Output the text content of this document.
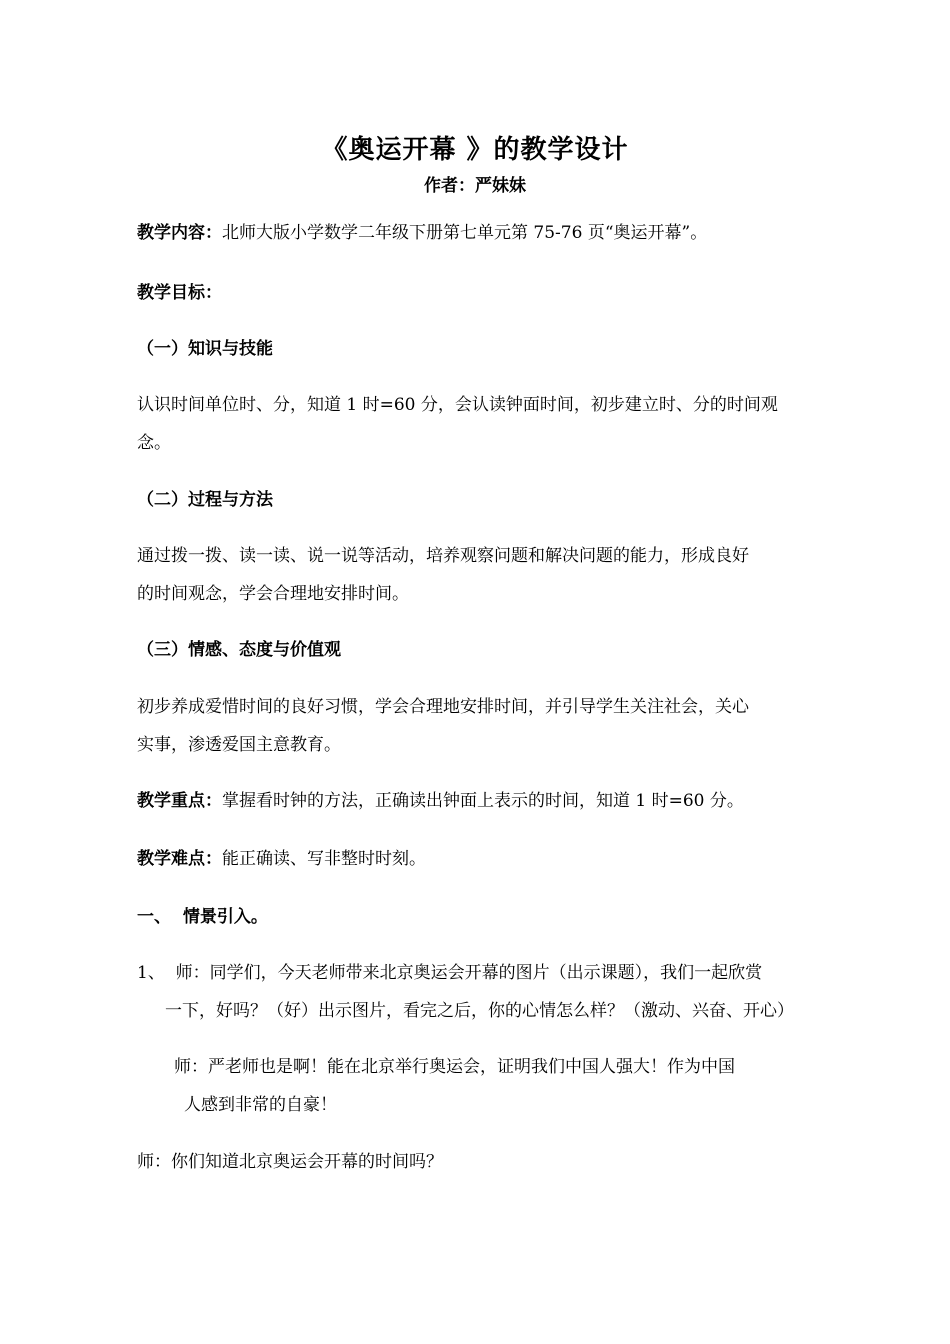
《奥运开幕 》的教学设计
作者：严妹妹
教学内容：北师大版小学数学二年级下册第七单元第 75-76 页“奥运开幕”。
教学目标：
（一）知识与技能
认识时间单位时、分，知道 1 时=60 分，会认读钟面时间，初步建立时、分的时间观
念。
（二）过程与方法
通过拨一拨、读一读、说一说等活动，培养观察问题和解决问题的能力，形成良好
的时间观念，学会合理地安排时间。
（三）情感、态度与价值观
初步养成爱惜时间的良好习惯，学会合理地安排时间，并引导学生关注社会，关心
实事，渗透爱国主意教育。
教学重点：掌握看时钟的方法，正确读出钟面上表示的时间，知道 1 时=60 分。
教学难点：能正确读、写非整时时刻。
一、  情景引入。
1、  师：同学们，今天老师带来北京奥运会开幕的图片（出示课题），我们一起欣赏
一下，好吗？（好）出示图片，看完之后，你的心情怎么样？（激动、兴奋、开心）
师：严老师也是啊！能在北京举行奥运会，证明我们中国人强大！作为中国
人感到非常的自豪！
师：你们知道北京奥运会开幕的时间吗？
